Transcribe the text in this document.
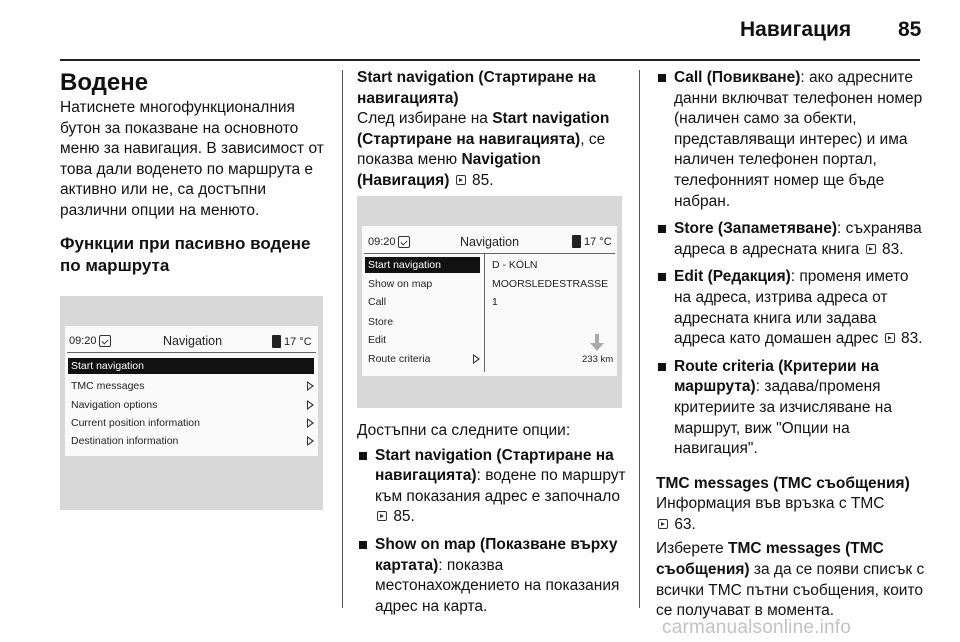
Навигация 85
Водене

Натиснете многофункционалния бутон за показване на основното меню за навигация. В зависимост от това дали воденето по маршрута е активно или не, са достъпни различни опции на менюто.

Функции при пасивно водене по маршрута
09:20	Navigation	17 °C
Start navigation
TMC messages
Navigation options
Current position information
Destination information

Start navigation (Стартиране на навигацията)

След избиране на Start navigation (Стартиране на навигацията), се показва меню Navigation (Навигация) 85.

09:20	Navigation	17 °C
Start navigation
Show on map
Call
Store
Edit
Route criteria
D - KÖLN
MOORSLEDESTRASSE
1
233 km

Достъпни са следните опции:

Start navigation (Стартиране на навигацията): водене по маршрут към показания адрес е започнало  85.
Show on map (Показване върху картата): показва местонахождението на показания адрес на карта.
Call (Повикване): ако адресните данни включват телефонен номер (наличен само за обекти, представляващи интерес) и има наличен телефонен портал, телефонният номер ще бъде набран.
Store (Запаметяване): съхранява адреса в адресната книга 83.
Edit (Редакция): променя името на адреса, изтрива адреса от адресната книга или задава адреса като домашен адрес 83.
Route criteria (Критерии на маршрута): задава/променя критериите за изчисляване на маршрут, виж "Опции на навигация".

TMC messages (TMC съобщения)

Информация във връзка с TMC
63.

Изберете TMC messages (TMC съобщения) за да се появи списък с всички TMC пътни съобщения, които се получават в момента.

carmanualsonline.info
